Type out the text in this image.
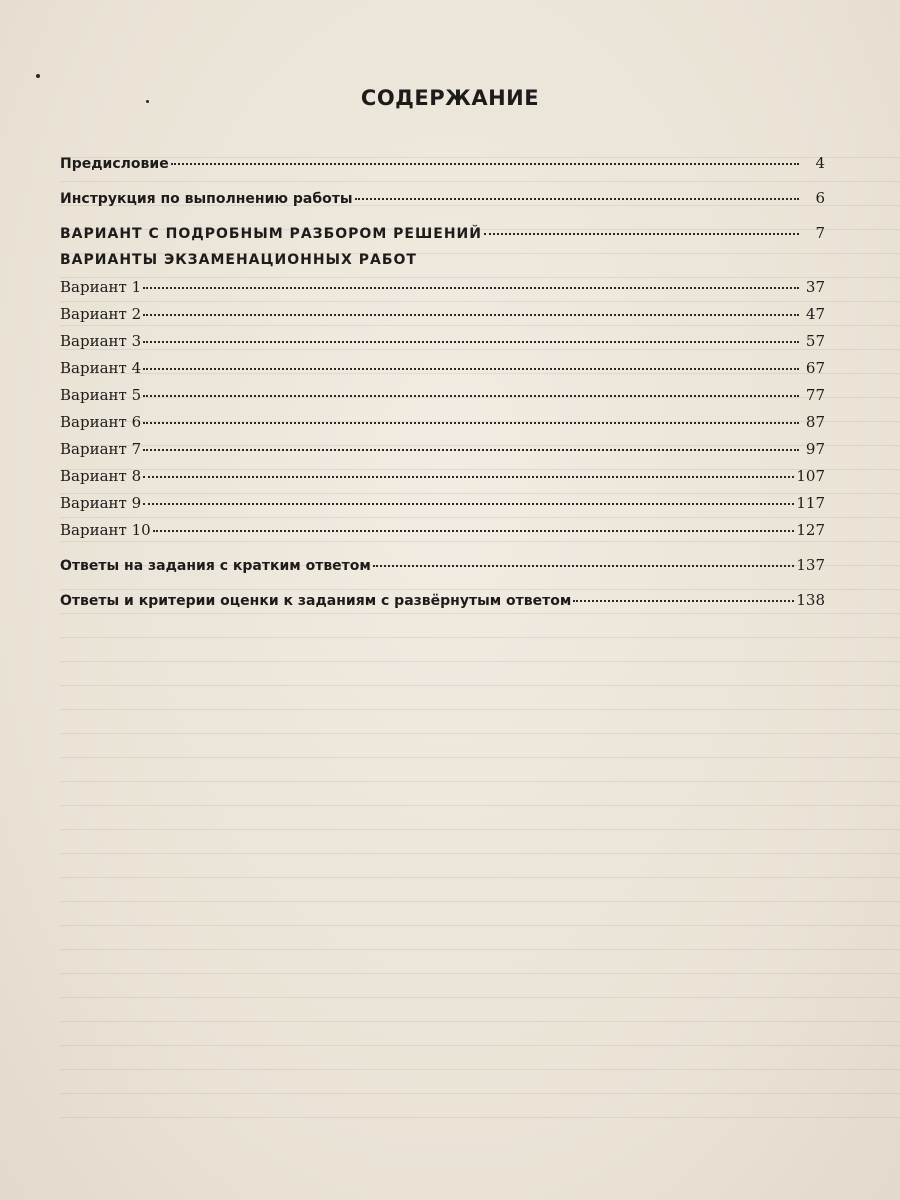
СОДЕРЖАНИЕ
Предисловие	4
Инструкция по выполнению работы	6
ВАРИАНТ С ПОДРОБНЫМ РАЗБОРОМ РЕШЕНИЙ	7
ВАРИАНТЫ ЭКЗАМЕНАЦИОННЫХ РАБОТ
Вариант 1	37
Вариант 2	47
Вариант 3	57
Вариант 4	67
Вариант 5	77
Вариант 6	87
Вариант 7	97
Вариант 8	107
Вариант 9	117
Вариант 10	127
Ответы на задания с кратким ответом	137
Ответы и критерии оценки к заданиям с развёрнутым ответом	138
